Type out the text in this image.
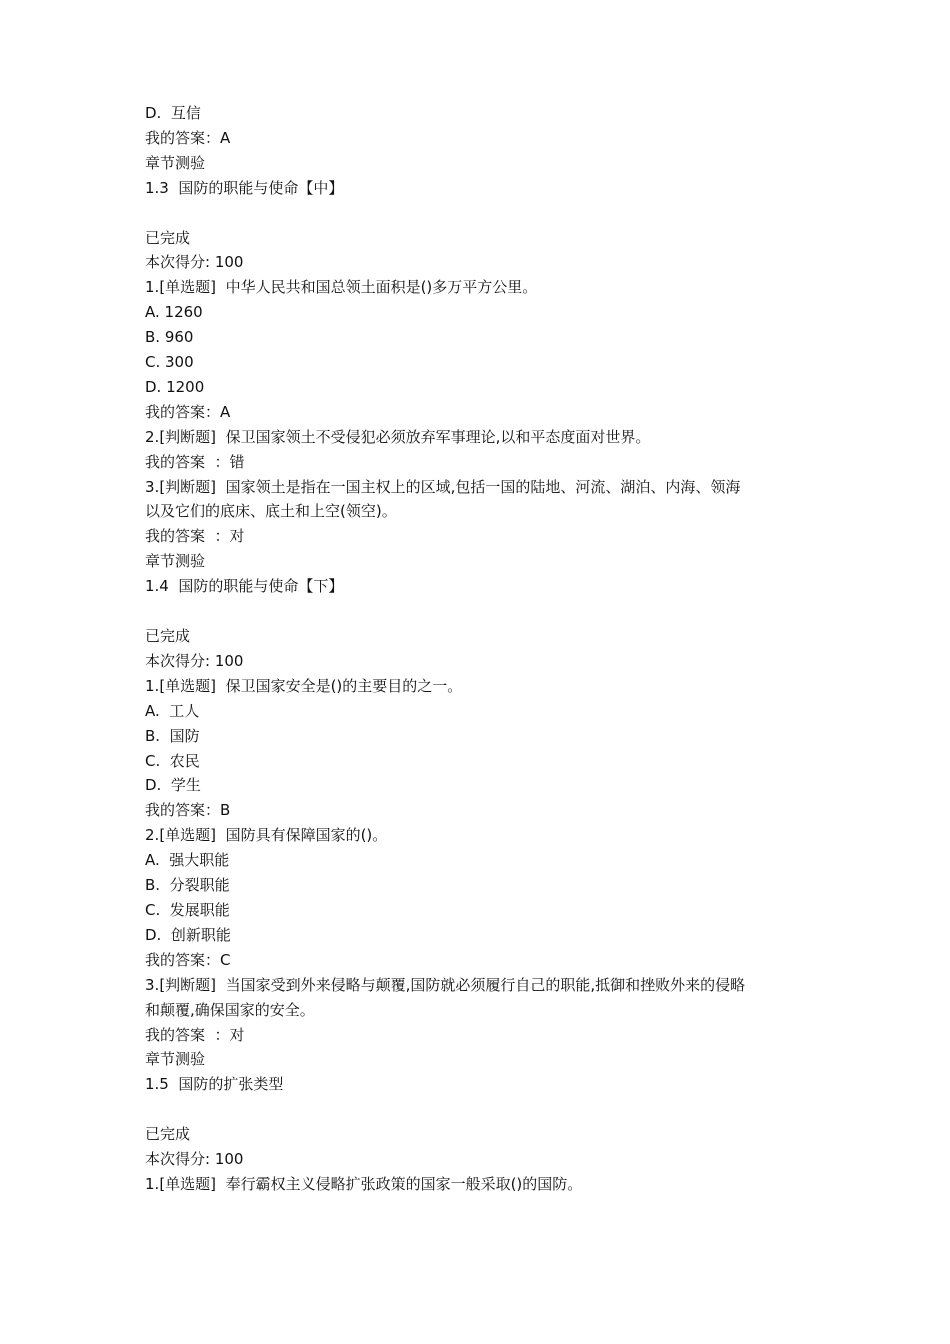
D.  互信

我的答案：A

章节测验

1.3  国防的职能与使命【中】

已完成

本次得分: 100

1.[单选题]  中华人民共和国总领土面积是()多万平方公里。

A. 1260

B. 960

C. 300

D. 1200

我的答案：A

2.[判断题]  保卫国家领土不受侵犯必须放弃军事理论,以和平态度面对世界。

我的答案  ：错

3.[判断题]  国家领土是指在一国主权上的区域,包括一国的陆地、河流、湖泊、内海、领海

以及它们的底床、底土和上空(领空)。

我的答案  ：对

章节测验

1.4  国防的职能与使命【下】

已完成

本次得分: 100

1.[单选题]  保卫国家安全是()的主要目的之一。

A.  工人

B.  国防

C.  农民

D.  学生

我的答案：B

2.[单选题]  国防具有保障国家的()。

A.  强大职能

B.  分裂职能

C.  发展职能

D.  创新职能

我的答案：C

3.[判断题]  当国家受到外来侵略与颠覆,国防就必须履行自己的职能,抵御和挫败外来的侵略

和颠覆,确保国家的安全。

我的答案  ：对

章节测验

1.5  国防的扩张类型

已完成

本次得分: 100

1.[单选题]  奉行霸权主义侵略扩张政策的国家一般采取()的国防。
